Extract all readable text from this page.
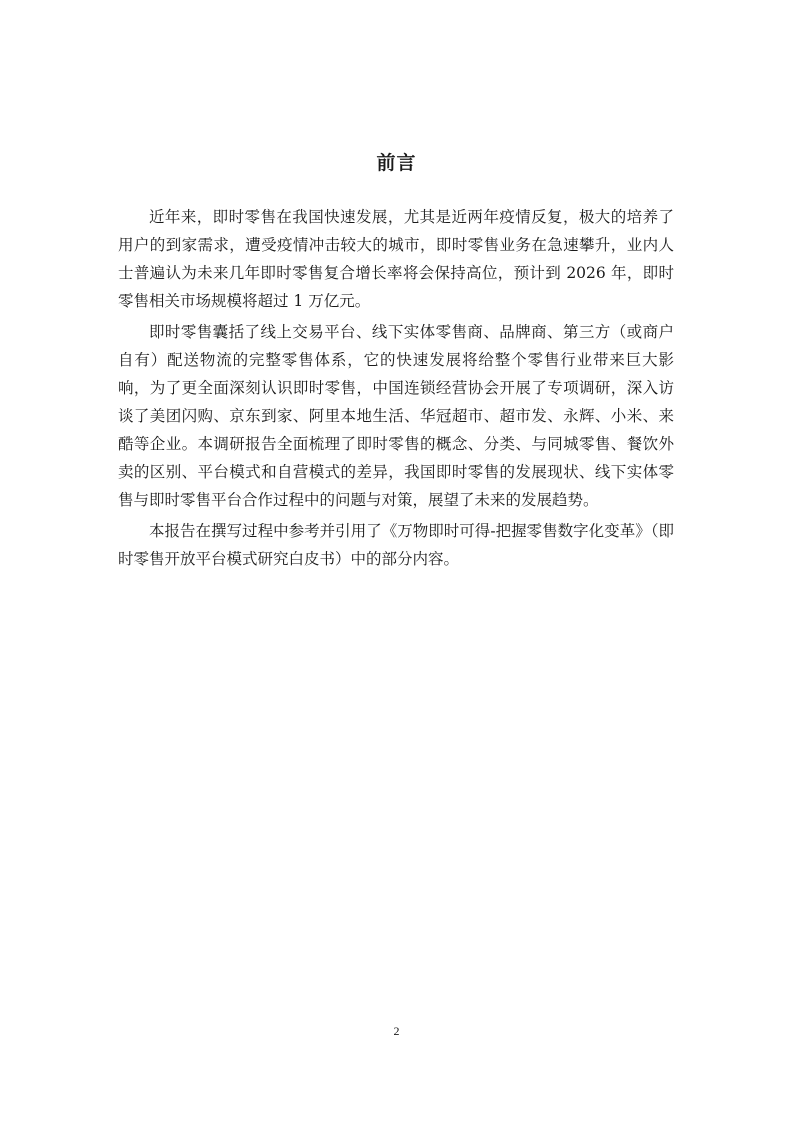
前言

近年来，即时零售在我国快速发展，尤其是近两年疫情反复，极大的培养了用户的到家需求，遭受疫情冲击较大的城市，即时零售业务在急速攀升，业内人士普遍认为未来几年即时零售复合增长率将会保持高位，预计到 2026 年，即时零售相关市场规模将超过 1 万亿元。

即时零售囊括了线上交易平台、线下实体零售商、品牌商、第三方（或商户自有）配送物流的完整零售体系，它的快速发展将给整个零售行业带来巨大影响，为了更全面深刻认识即时零售，中国连锁经营协会开展了专项调研，深入访谈了美团闪购、京东到家、阿里本地生活、华冠超市、超市发、永辉、小米、来酷等企业。本调研报告全面梳理了即时零售的概念、分类、与同城零售、餐饮外卖的区别、平台模式和自营模式的差异，我国即时零售的发展现状、线下实体零售与即时零售平台合作过程中的问题与对策，展望了未来的发展趋势。

本报告在撰写过程中参考并引用了《万物即时可得-把握零售数字化变革》（即时零售开放平台模式研究白皮书）中的部分内容。

2
